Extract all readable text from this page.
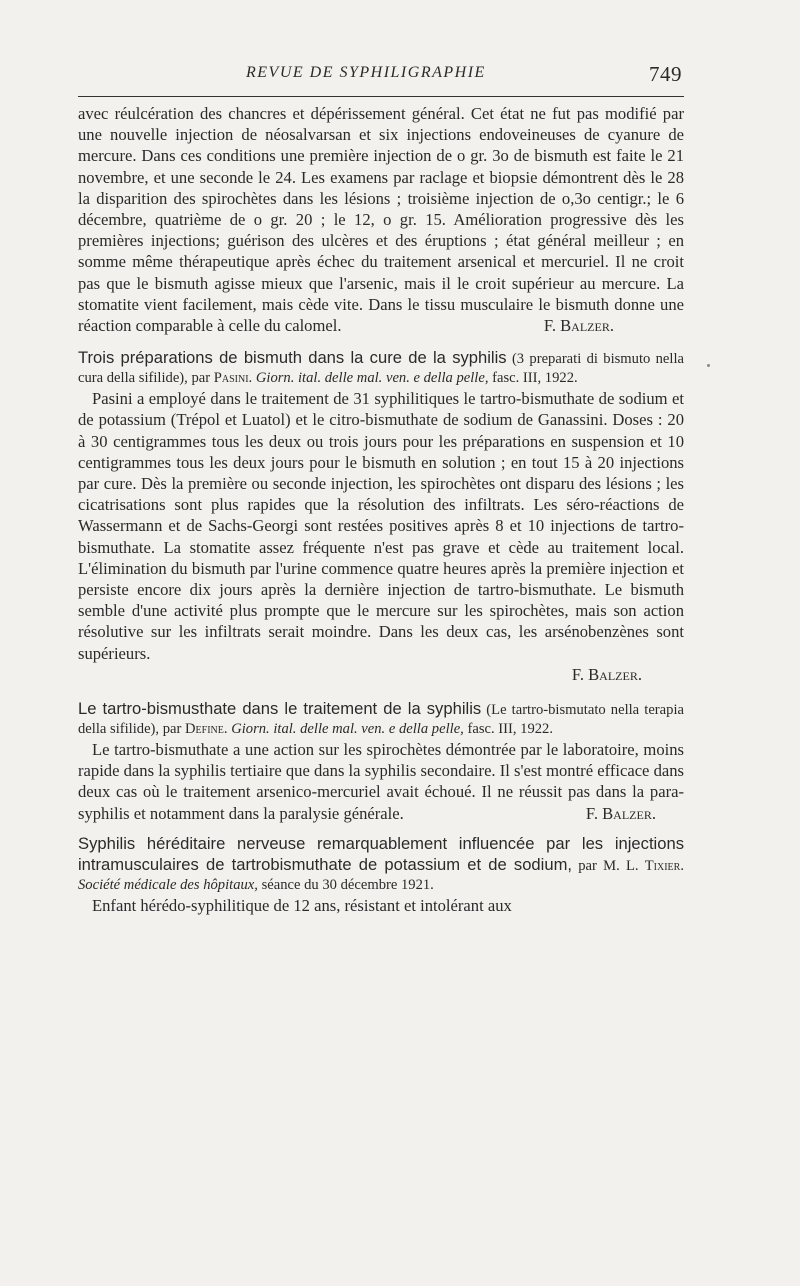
REVUE DE SYPHILIGRAPHIE	749

avec réulcération des chancres et dépérissement général. Cet état ne fut pas modifié par une nouvelle injection de néosalvarsan et six injections endoveineuses de cyanure de mercure. Dans ces conditions une première injection de o gr. 3o de bismuth est faite le 21 novembre, et une seconde le 24. Les examens par raclage et biopsie démontrent dès le 28 la disparition des spirochètes dans les lésions ; troisième injection de o,3o centigr.; le 6 décembre, quatrième de o gr. 20 ; le 12, o gr. 15. Amélioration progressive dès les premières injections; guérison des ulcères et des éruptions ; état général meilleur ; en somme même thérapeutique après échec du traitement arsenical et mercuriel. Il ne croit pas que le bismuth agisse mieux que l'arsenic, mais il le croit supérieur au mercure. La stomatite vient facilement, mais cède vite. Dans le tissu musculaire le bismuth donne une réaction comparable à celle du calomel.	F. Balzer.

Trois préparations de bismuth dans la cure de la syphilis (3 preparati di bismuto nella cura della sifilide), par Pasini. Giorn. ital. delle mal. ven. e della pelle, fasc. III, 1922.

Pasini a employé dans le traitement de 31 syphilitiques le tartro-bismuthate de sodium et de potassium (Trépol et Luatol) et le citro-bismuthate de sodium de Ganassini. Doses : 20 à 30 centigrammes tous les deux ou trois jours pour les préparations en suspension et 10 centigrammes tous les deux jours pour le bismuth en solution ; en tout 15 à 20 injections par cure. Dès la première ou seconde injection, les spirochètes ont disparu des lésions ; les cicatrisations sont plus rapides que la résolution des infiltrats. Les séro-réactions de Wassermann et de Sachs-Georgi sont restées positives après 8 et 10 injections de tartro-bismuthate. La stomatite assez fréquente n'est pas grave et cède au traitement local. L'élimination du bismuth par l'urine commence quatre heures après la première injection et persiste encore dix jours après la dernière injection de tartro-bismuthate. Le bismuth semble d'une activité plus prompte que le mercure sur les spirochètes, mais son action résolutive sur les infiltrats serait moindre. Dans les deux cas, les arsénobenzènes sont supérieurs.

F. Balzer.

Le tartro-bismusthate dans le traitement de la syphilis (Le tartro-bismutato nella terapia della sifilide), par Define. Giorn. ital. delle mal. ven. e della pelle, fasc. III, 1922.

Le tartro-bismuthate a une action sur les spirochètes démontrée par le laboratoire, moins rapide dans la syphilis tertiaire que dans la syphilis secondaire. Il s'est montré efficace dans deux cas où le traitement arsenico-mercuriel avait échoué. Il ne réussit pas dans la para-syphilis et notamment dans la paralysie générale.	F. Balzer.

Syphilis héréditaire nerveuse remarquablement influencée par les injections intramusculaires de tartrobismuthate de potassium et de sodium, par M. L. Tixier. Société médicale des hôpitaux, séance du 30 décembre 1921.

Enfant hérédo-syphilitique de 12 ans, résistant et intolérant aux
